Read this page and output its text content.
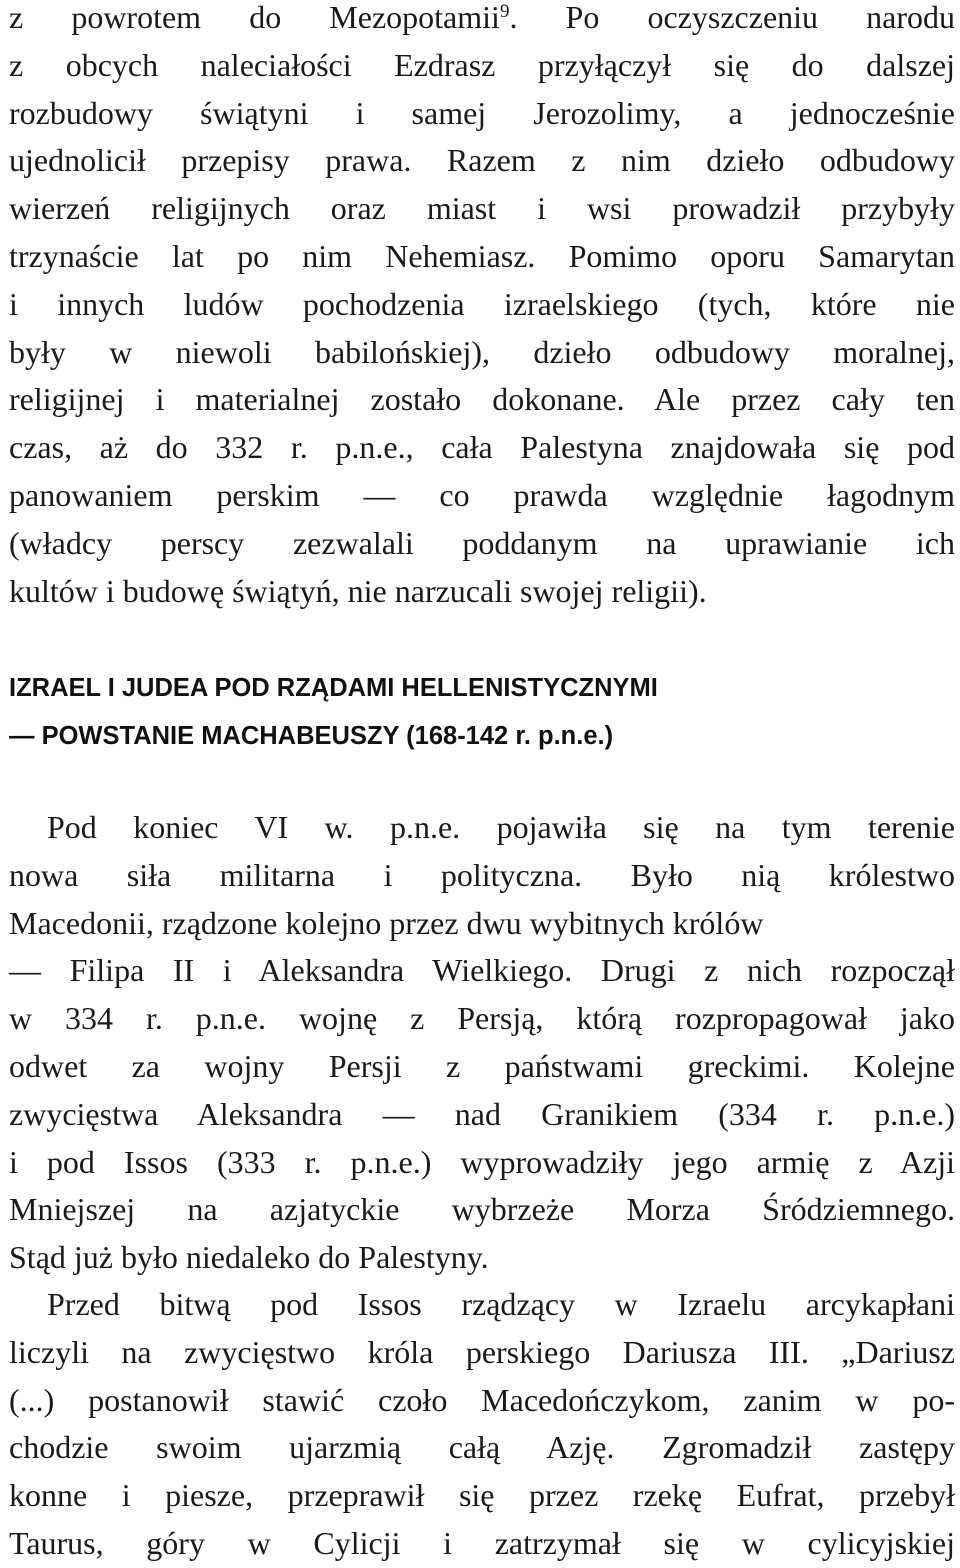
z powrotem do Mezopotamii$^9$. Po oczyszczeniu narodu
z obcych naleciałości Ezdrasz przyłączył się do dalszej
rozbudowy świątyni i samej Jerozolimy, a jednocześnie
ujednolicił przepisy prawa. Razem z nim dzieło odbudowy
wierzeń religijnych oraz miast i wsi prowadził przybyły
trzynaście lat po nim Nehemiasz. Pomimo oporu Samarytan
i innych ludów pochodzenia izraelskiego (tych, które nie
były w niewoli babilońskiej), dzieło odbudowy moralnej,
religijnej i materialnej zostało dokonane. Ale przez cały ten
czas, aż do 332 r. p.n.e., cała Palestyna znajdowała się pod
panowaniem perskim — co prawda względnie łagodnym
(władcy perscy zezwalali poddanym na uprawianie ich
kultów i budowę świątyń, nie narzucali swojej religii).
IZRAEL I JUDEA POD RZĄDAMI HELLENISTYCZNYMI
— POWSTANIE MACHABEUSZY (168-142 r. p.n.e.)
Pod koniec VI w. p.n.e. pojawiła się na tym terenie
nowa siła militarna i polityczna. Było nią królestwo
Macedonii, rządzone kolejno przez dwu wybitnych królów
— Filipa II i Aleksandra Wielkiego. Drugi z nich rozpoczął
w 334 r. p.n.e. wojnę z Persją, którą rozpropagował jako
odwet za wojny Persji z państwami greckimi. Kolejne
zwycięstwa Aleksandra — nad Granikiem (334 r. p.n.e.)
i pod Issos (333 r. p.n.e.) wyprowadziły jego armię z Azji
Mniejszej na azjatyckie wybrzeże Morza Śródziemnego.
Stąd już było niedaleko do Palestyny.
Przed bitwą pod Issos rządzący w Izraelu arcykapłani
liczyli na zwycięstwo króla perskiego Dariusza III. „Dariusz
(...) postanowił stawić czoło Macedończykom, zanim w po-
chodzie swoim ujarzmią całą Azję. Zgromadził zastępy
konne i piesze, przeprawił się przez rzekę Eufrat, przebył
Taurus, góry w Cylicji i zatrzymał się w cylicyjskiej
